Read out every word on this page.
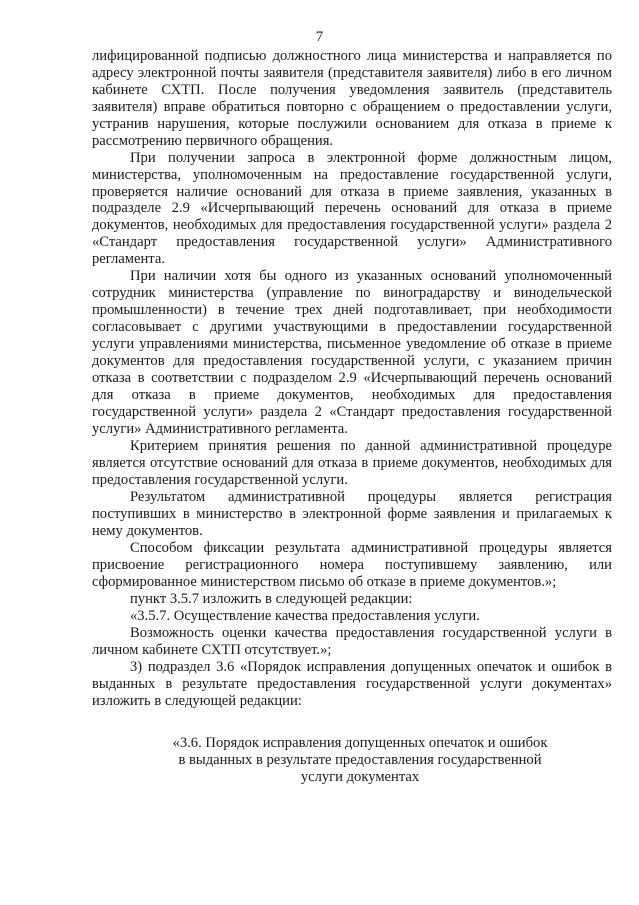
7

лифицированной подписью должностного лица министерства и направляется по адресу электронной почты заявителя (представителя заявителя) либо в его личном кабинете СХТП. После получения уведомления заявитель (представитель заявителя) вправе обратиться повторно с обращением о предоставлении услуги, устранив нарушения, которые послужили основанием для отказа в приеме к рассмотрению первичного обращения.

При получении запроса в электронной форме должностным лицом, министерства, уполномоченным на предоставление государственной услуги, проверяется наличие оснований для отказа в приеме заявления, указанных в подразделе 2.9 «Исчерпывающий перечень оснований для отказа в приеме документов, необходимых для предоставления государственной услуги» раздела 2 «Стандарт предоставления государственной услуги» Административного регламента.

При наличии хотя бы одного из указанных оснований уполномоченный сотрудник министерства (управление по виноградарству и винодельческой промышленности) в течение трех дней подготавливает, при необходимости согласовывает с другими участвующими в предоставлении государственной услуги управлениями министерства, письменное уведомление об отказе в приеме документов для предоставления государственной услуги, с указанием причин отказа в соответствии с подразделом 2.9 «Исчерпывающий перечень оснований для отказа в приеме документов, необходимых для предоставления государственной услуги» раздела 2 «Стандарт предоставления государственной услуги» Административного регламента.

Критерием принятия решения по данной административной процедуре является отсутствие оснований для отказа в приеме документов, необходимых для предоставления государственной услуги.

Результатом административной процедуры является регистрация поступивших в министерство в электронной форме заявления и прилагаемых к нему документов.

Способом фиксации результата административной процедуры является присвоение регистрационного номера поступившему заявлению, или сформированное министерством письмо об отказе в приеме документов.»;

пункт 3.5.7 изложить в следующей редакции:

«3.5.7. Осуществление качества предоставления услуги.

Возможность оценки качества предоставления государственной услуги в личном кабинете СХТП отсутствует.»;

3) подраздел 3.6 «Порядок исправления допущенных опечаток и ошибок в выданных в результате предоставления государственной услуги документах» изложить в следующей редакции:

«3.6. Порядок исправления допущенных опечаток и ошибок
в выданных в результате предоставления государственной
услуги документах
